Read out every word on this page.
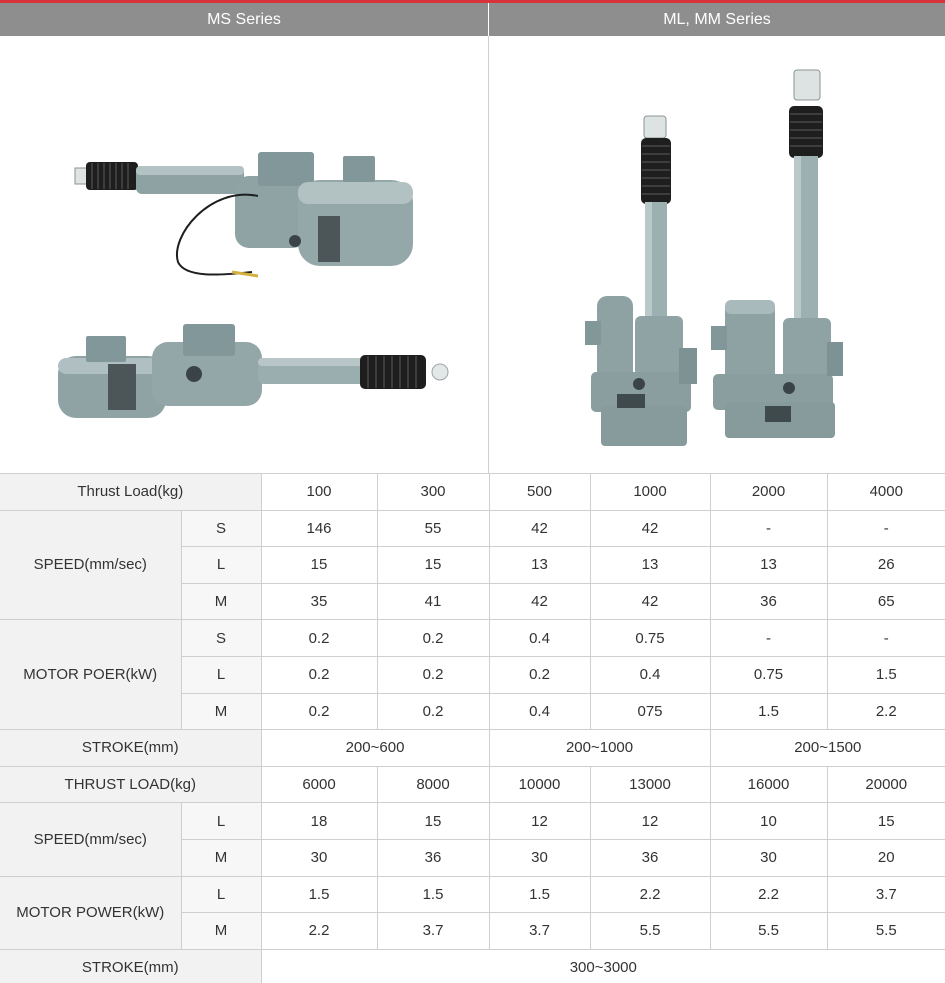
MS Series	ML, MM Series
Thrust Load(kg)		100	300	500	1000	2000	4000
SPEED(mm/sec)	S	146	55	42	42	-	-
	L	15	15	13	13	13	26
	M	35	41	42	42	36	65
MOTOR POER(kW)	S	0.2	0.2	0.4	0.75	-	-
	L	0.2	0.2	0.2	0.4	0.75	1.5
	M	0.2	0.2	0.4	075	1.5	2.2
STROKE(mm)		200~600		200~1000		200~1500	
THRUST LOAD(kg)		6000	8000	10000	13000	16000	20000
SPEED(mm/sec)	L	18	15	12	12	10	15
	M	30	36	30	36	30	20
MOTOR POWER(kW)	L	1.5	1.5	1.5	2.2	2.2	3.7
	M	2.2	3.7	3.7	5.5	5.5	5.5
STROKE(mm)		300~3000					
